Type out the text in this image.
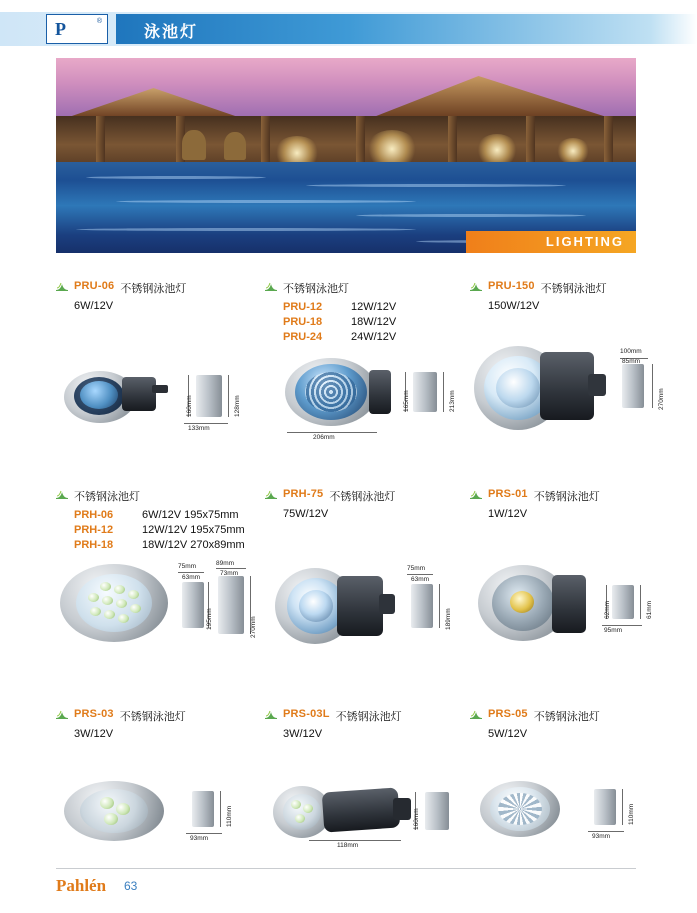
P	®
泳池灯
LIGHTING
PRU-06 不锈钢泳池灯
6W/12V
160mm	128mm
133mm
不锈钢泳池灯
PRU-12	12W/12V
PRU-18	18W/12V
PRU-24	24W/12V
206mm
165mm	213mm
PRU-150 不锈钢泳池灯
150W/12V
100mm
85mm
270mm
不锈钢泳池灯
PRH-06	6W/12V 195x75mm
PRH-12	12W/12V 195x75mm
PRH-18	18W/12V 270x89mm
75mm	89mm
63mm
73mm
195mm	270mm
PRH-75 不锈钢泳池灯
75W/12V
75mm
63mm
189mm
PRS-01 不锈钢泳池灯
1W/12V
62mm	61mm
95mm
PRS-03 不锈钢泳池灯
3W/12V
110mm
93mm
PRS-03L 不锈钢泳池灯
3W/12V
160mm
118mm
PRS-05 不锈钢泳池灯
5W/12V
110mm
93mm
Pahlén 63
